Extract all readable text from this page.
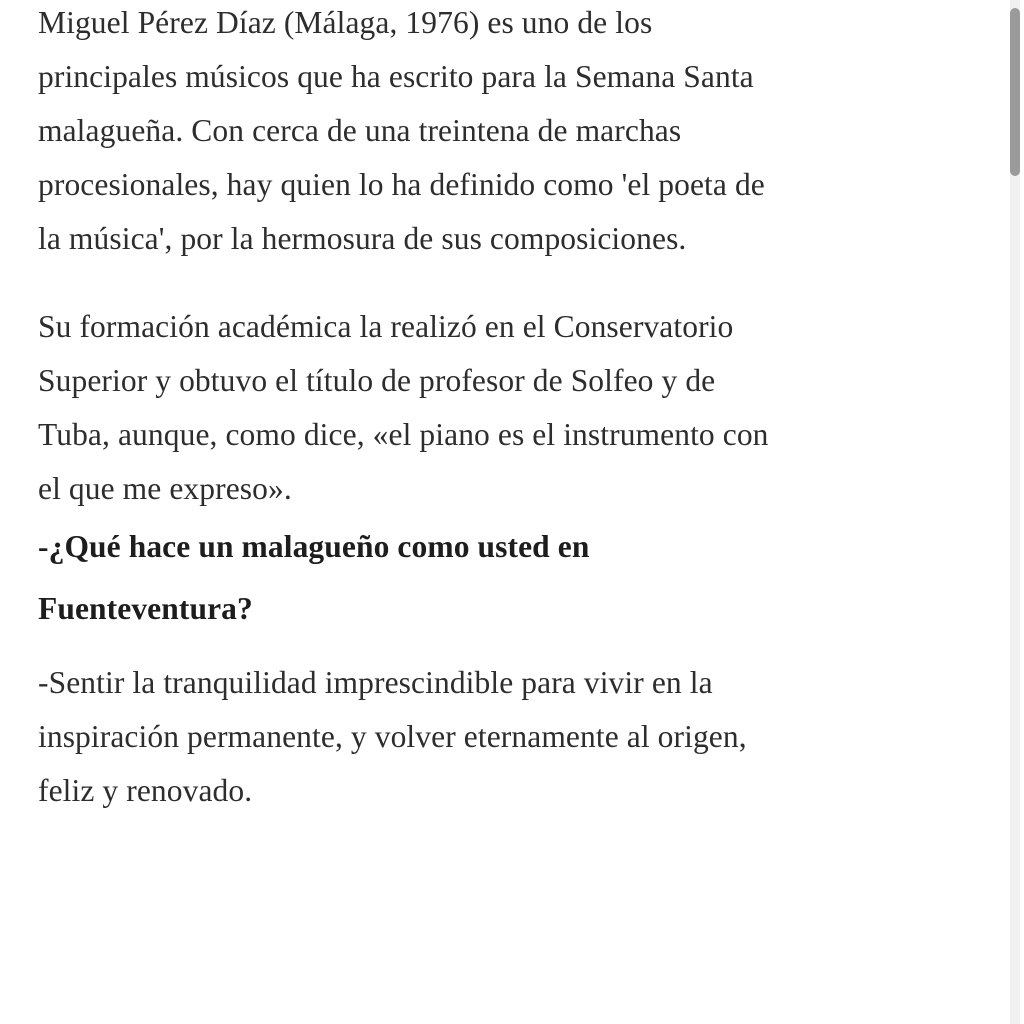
Miguel Pérez Díaz (Málaga, 1976) es uno de los principales músicos que ha escrito para la Semana Santa malagueña. Con cerca de una treintena de marchas procesionales, hay quien lo ha definido como 'el poeta de la música', por la hermosura de sus composiciones.

Su formación académica la realizó en el Conservatorio Superior y obtuvo el título de profesor de Solfeo y de Tuba, aunque, como dice, «el piano es el instrumento con el que me expreso».

-¿Qué hace un malagueño como usted en Fuenteventura?

-Sentir la tranquilidad imprescindible para vivir en la inspiración permanente, y volver eternamente al origen, feliz y renovado.
